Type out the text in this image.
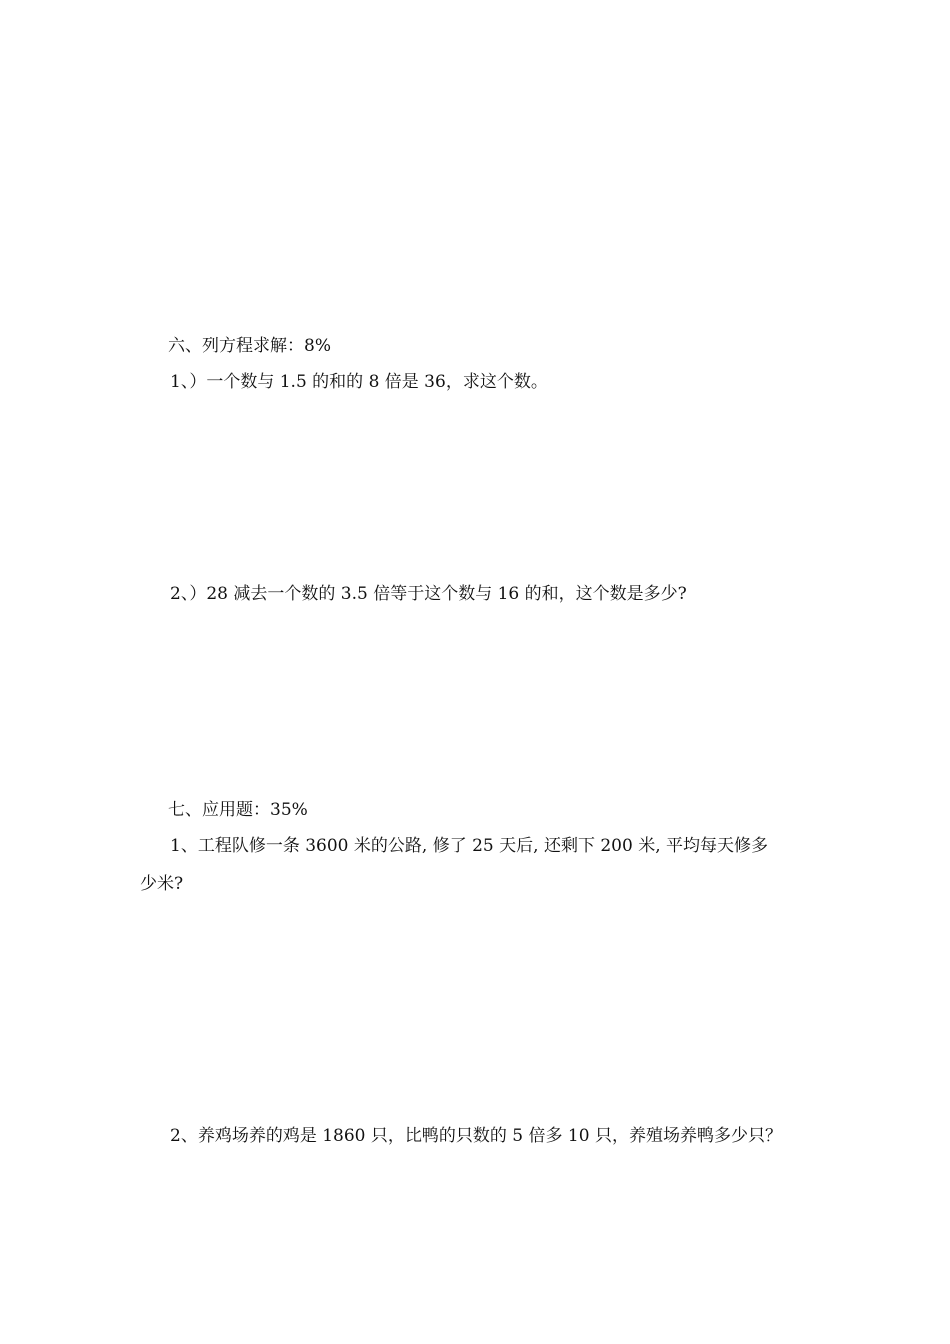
六、列方程求解：8%

1、）一个数与 1.5 的和的 8 倍是 36，求这个数。

2、）28 减去一个数的 3.5 倍等于这个数与 16 的和，这个数是多少?

七、应用题：35%

1、工程队修一条 3600 米的公路, 修了 25 天后, 还剩下 200 米, 平均每天修多

少米?

2、养鸡场养的鸡是 1860 只，比鸭的只数的 5 倍多 10 只，养殖场养鸭多少只？
